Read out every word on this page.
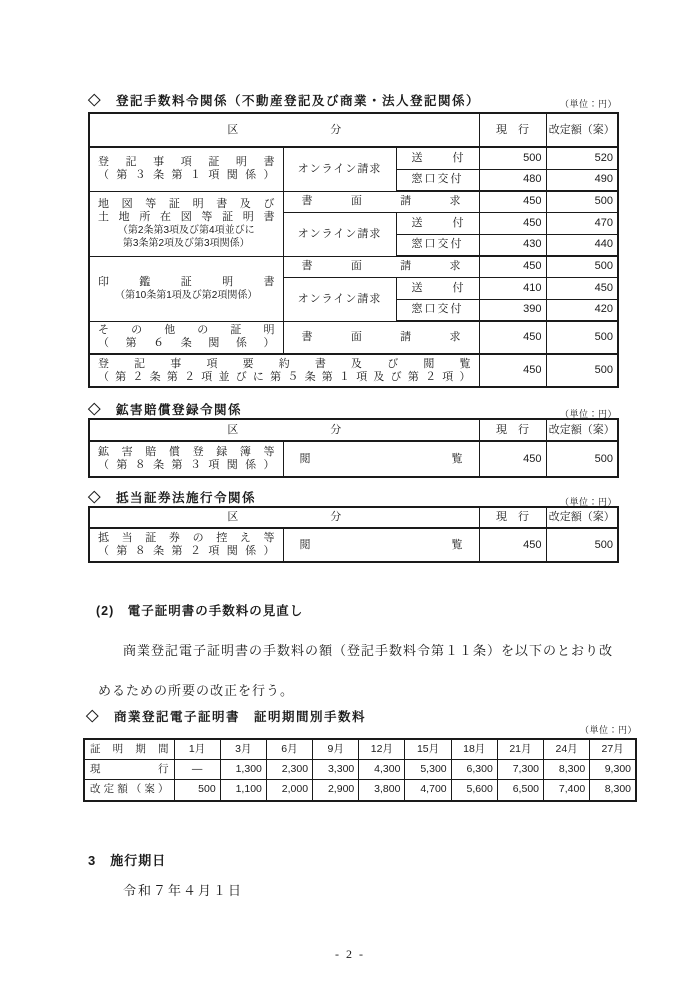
◇　登記手数料令関係（不動産登記及び商業・法人登記関係）	（単位：円）
区 分			現　行	改定額（案）

登記事項証明書
（第３条第１項関係）	オンライン請求	送付	500	520
		窓口交付	480	490

地図等証明書及び
土地所在図等証明書
（第2条第3項及び第4項並びに
第3条第2項及び第3項関係）	書面請求		450	500
	オンライン請求	送付	450	470
		窓口交付	430	440

印鑑証明書
（第10条第1項及び第2項関係）	書面請求		450	500
	オンライン請求	送付	410	450
		窓口交付	390	420

その他の証明
（第６条関係）	書面請求		450	500

登記事項要約書及び閲覧
（第２条第２項並びに第５条第１項及び第２項）			450	500
◇　鉱害賠償登録令関係	（単位：円）
区 分		現　行	改定額（案）

鉱害賠償登録簿等
（第８条第３項関係）	閲覧	450	500
◇　抵当証券法施行令関係	（単位：円）
区 分		現　行	改定額（案）

抵当証券の控え等
（第８条第２項関係）	閲覧	450	500
(2)　電子証明書の手数料の見直し
商業登記電子証明書の手数料の額（登記手数料令第１１条）を以下のとおり改
めるための所要の改正を行う。
◇　商業登記電子証明書　証明期間別手数料
（単位：円）
証明期間	1月	3月	6月	9月	12月	15月	18月	21月	24月	27月
現行	―	1,300	2,300	3,300	4,300	5,300	6,300	7,300	8,300	9,300
改定額（案）	500	1,100	2,000	2,900	3,800	4,700	5,600	6,500	7,400	8,300
3　施行期日
令和７年４月１日
- 2 -
